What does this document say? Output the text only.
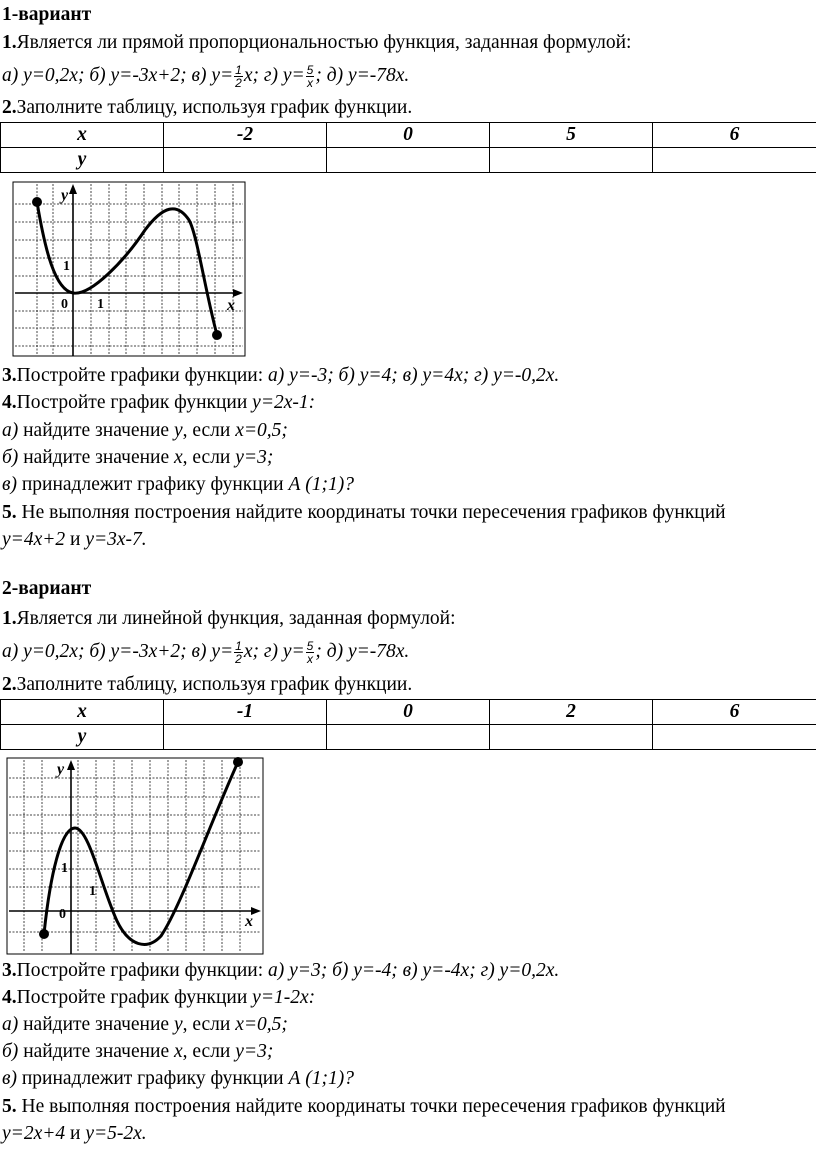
1-вариант
1.Является ли прямой пропорциональностью функция, заданная формулой:
а) y=0,2x; б) y=-3x+2; в) $y= \frac{1}{2} x$; г) $y= \frac{5}{x}$ ; д) y=-78x.
2.Заполните таблицу, используя график функции.
x	-2	0	5	6
y				
y
x
0 1
1
3.Постройте графики функции: а) y=-3; б) y=4; в) y=4x; г) y=-0,2x.
4.Постройте график функции y=2x-1:
а) найдите значение y, если x=0,5;
б) найдите значение x, если y=3;
в) принадлежит графику функции А (1;1)?
5. Не выполняя построения найдите координаты точки пересечения графиков функций
y=4x+2 и y=3x-7.
2-вариант
1.Является ли линейной функция, заданная формулой:
а) y=0,2x; б) y=-3x+2; в) $y= \frac{1}{2} x$; г) $y= \frac{5}{x}$ ; д) y=-78x.
2.Заполните таблицу, используя график функции.
x	-1	0	2	6
y				
y
x
0
1
1
3.Постройте графики функции: а) y=3; б) y=-4; в) y=-4x; г) y=0,2x.
4.Постройте график функции y=1-2x:
а) найдите значение y, если x=0,5;
б) найдите значение x, если y=3;
в) принадлежит графику функции А (1;1)?
5. Не выполняя построения найдите координаты точки пересечения графиков функций
y=2x+4 и y=5-2x.
